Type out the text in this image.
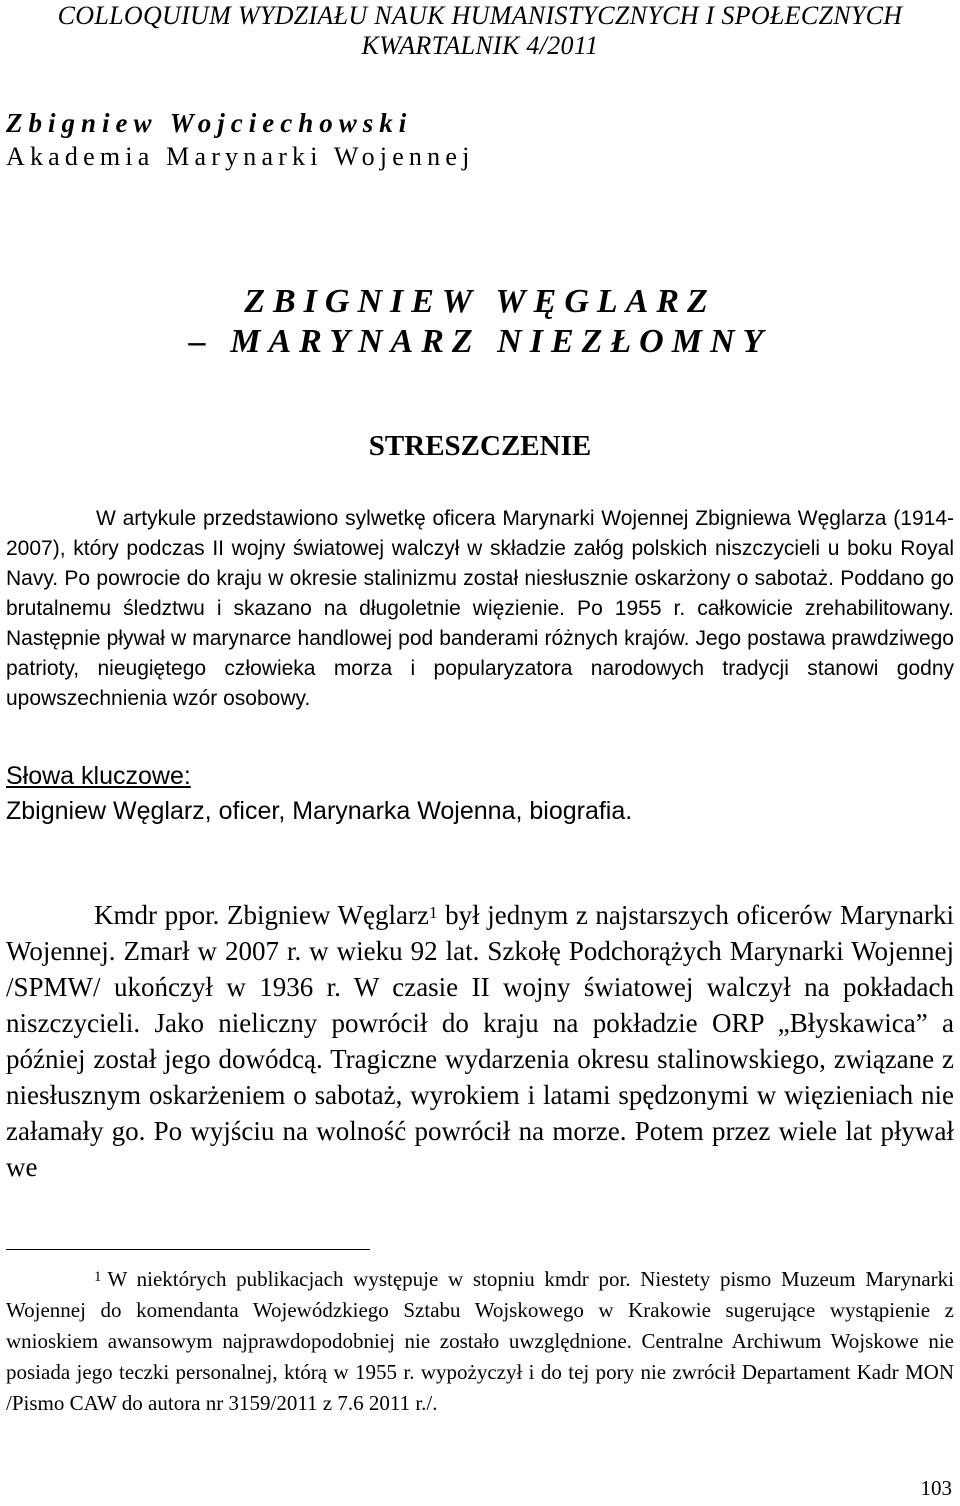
COLLOQUIUM WYDZIAŁU NAUK HUMANISTYCZNYCH I SPOŁECZNYCH
KWARTALNIK 4/2011
Zbigniew Wojciechowski
Akademia Marynarki Wojennej
ZBIGNIEW WĘGLARZ
– MARYNARZ NIEZŁOMNY
STRESZCZENIE

W artykule przedstawiono sylwetkę oficera Marynarki Wojennej Zbigniewa Węglarza (1914-2007), który podczas II wojny światowej walczył w składzie załóg polskich niszczycieli u boku Royal Navy. Po powrocie do kraju w okresie stalinizmu został niesłusznie oskarżony o sabotaż. Poddano go brutalnemu śledztwu i skazano na długoletnie więzienie. Po 1955 r. całkowicie zrehabilitowany. Następnie pływał w marynarce handlowej pod banderami różnych krajów. Jego postawa prawdziwego patrioty, nieugiętego człowieka morza i popularyzatora narodowych tradycji stanowi godny upowszechnienia wzór osobowy.

Słowa kluczowe:
Zbigniew Węglarz, oficer, Marynarka Wojenna, biografia.

Kmdr ppor. Zbigniew Węglarz$^1$ był jednym z najstarszych oficerów Marynarki Wojennej. Zmarł w 2007 r. w wieku 92 lat. Szkołę Podchorążych Marynarki Wojennej /SPMW/ ukończył w 1936 r. W czasie II wojny światowej walczył na pokładach niszczycieli. Jako nieliczny powrócił do kraju na pokładzie ORP „Błyskawica” a później został jego dowódcą. Tragiczne wydarzenia okresu stalinowskiego, związane z niesłusznym oskarżeniem o sabotaż, wyrokiem i latami spędzonymi w więzieniach nie załamały go. Po wyjściu na wolność powrócił na morze. Potem przez wiele lat pływał we

$^1$ W niektórych publikacjach występuje w stopniu kmdr por. Niestety pismo Muzeum Marynarki Wojennej do komendanta Wojewódzkiego Sztabu Wojskowego w Krakowie sugerujące wystąpienie z wnioskiem awansowym najprawdopodobniej nie zostało uwzględnione. Centralne Archiwum Wojskowe nie posiada jego teczki personalnej, którą w 1955 r. wypożyczył i do tej pory nie zwrócił Departament Kadr MON /Pismo CAW do autora nr 3159/2011 z 7.6 2011 r./.

103
